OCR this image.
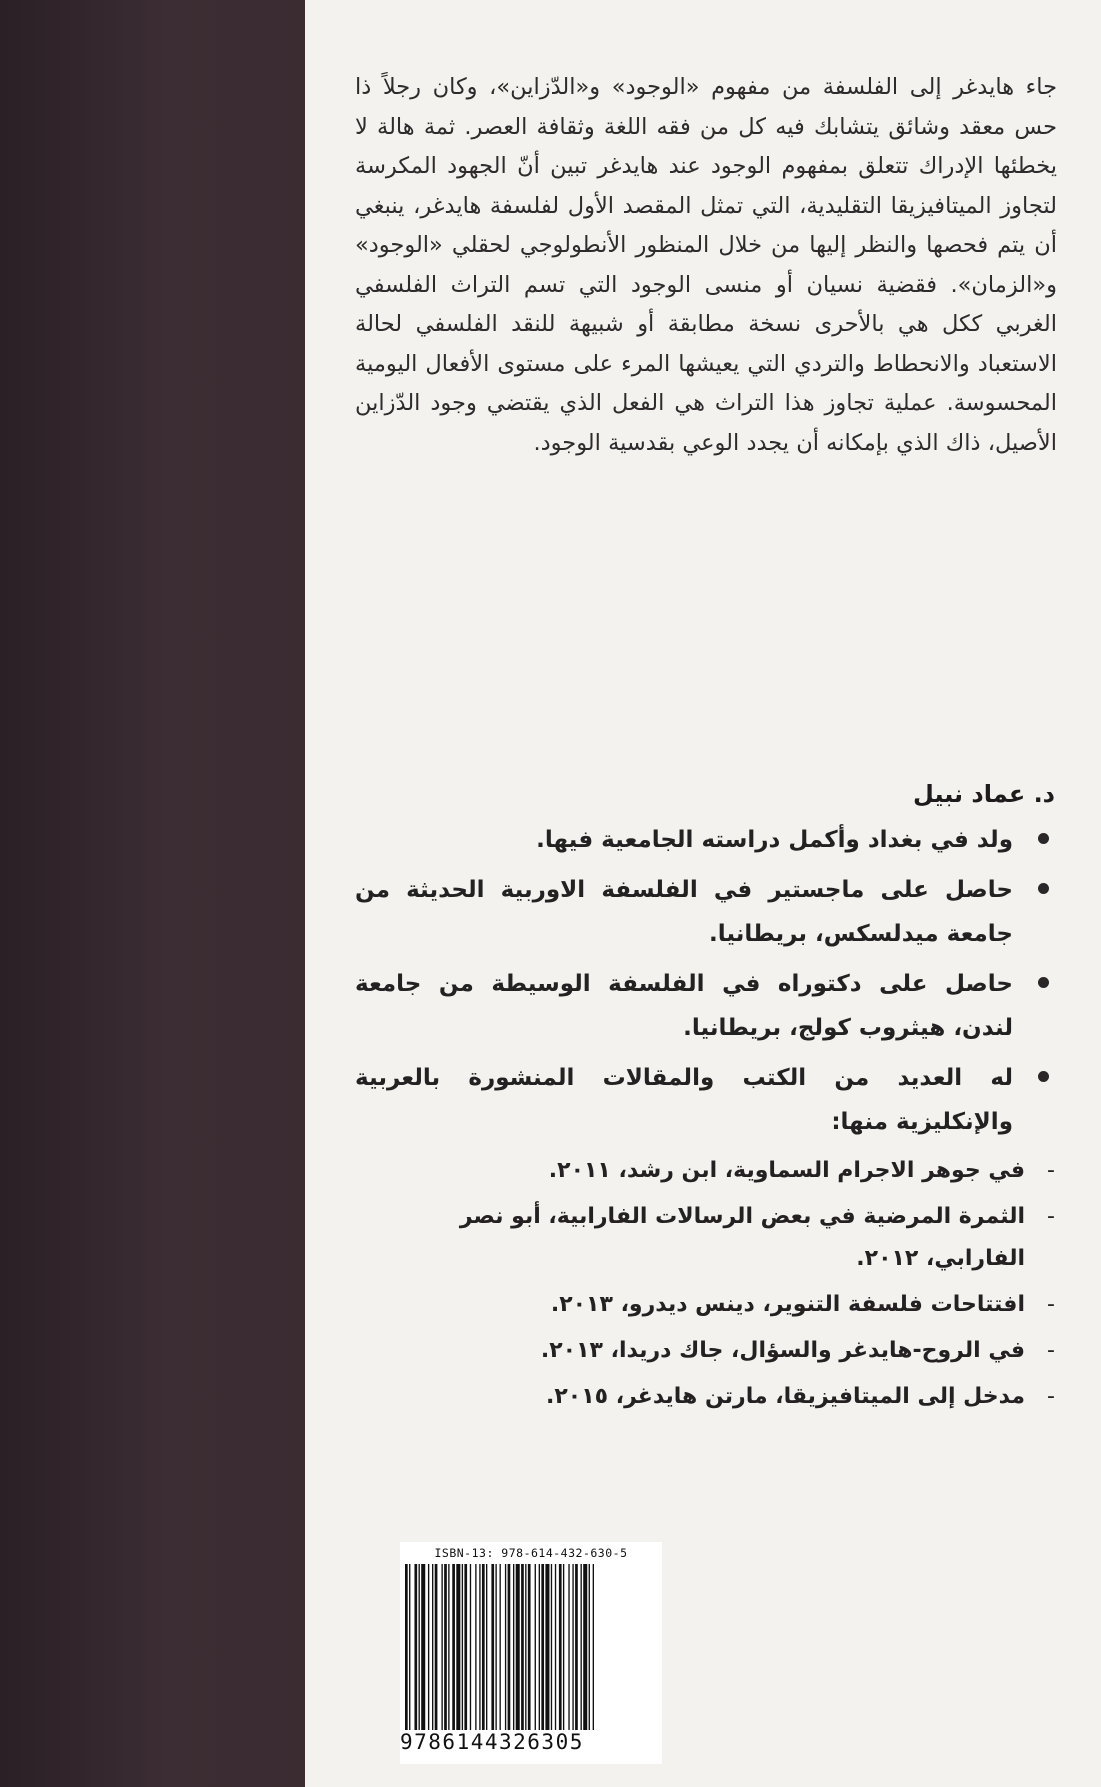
جاء هايدغر إلى الفلسفة من مفهوم «الوجود» و«الدّزاين»، وكان رجلاً ذا حس معقد وشائق يتشابك فيه كل من فقه اللغة وثقافة العصر. ثمة هالة لا يخطئها الإدراك تتعلق بمفهوم الوجود عند هايدغر تبين أنّ الجهود المكرسة لتجاوز الميتافيزيقا التقليدية، التي تمثل المقصد الأول لفلسفة هايدغر، ينبغي أن يتم فحصها والنظر إليها من خلال المنظور الأنطولوجي لحقلي «الوجود» و«الزمان». فقضية نسيان أو منسى الوجود التي تسم التراث الفلسفي الغربي ككل هي بالأحرى نسخة مطابقة أو شبيهة للنقد الفلسفي لحالة الاستعباد والانحطاط والتردي التي يعيشها المرء على مستوى الأفعال اليومية المحسوسة. عملية تجاوز هذا التراث هي الفعل الذي يقتضي وجود الدّزاين الأصيل، ذاك الذي بإمكانه أن يجدد الوعي بقدسية الوجود.

د. عماد نبيل
ولد في بغداد وأكمل دراسته الجامعية فيها.
حاصل على ماجستير في الفلسفة الاوربية الحديثة من جامعة ميدلسكس، بريطانيا.
حاصل على دكتوراه في الفلسفة الوسيطة من جامعة لندن، هيثروب كولج، بريطانيا.
له العديد من الكتب والمقالات المنشورة بالعربية والإنكليزية منها:
-
في جوهر الاجرام السماوية، ابن رشد، ٢٠١١.
-
الثمرة المرضية في بعض الرسالات الفارابية، أبو نصر الفارابي، ٢٠١٢.
-
افتتاحات فلسفة التنوير، دينس ديدرو، ٢٠١٣.
-
في الروح-هايدغر والسؤال، جاك دريدا، ٢٠١٣.
-
مدخل إلى الميتافيزيقا، مارتن هايدغر، ٢٠١٥.
ISBN-13: 978-614-432-630-5
9786144326305
